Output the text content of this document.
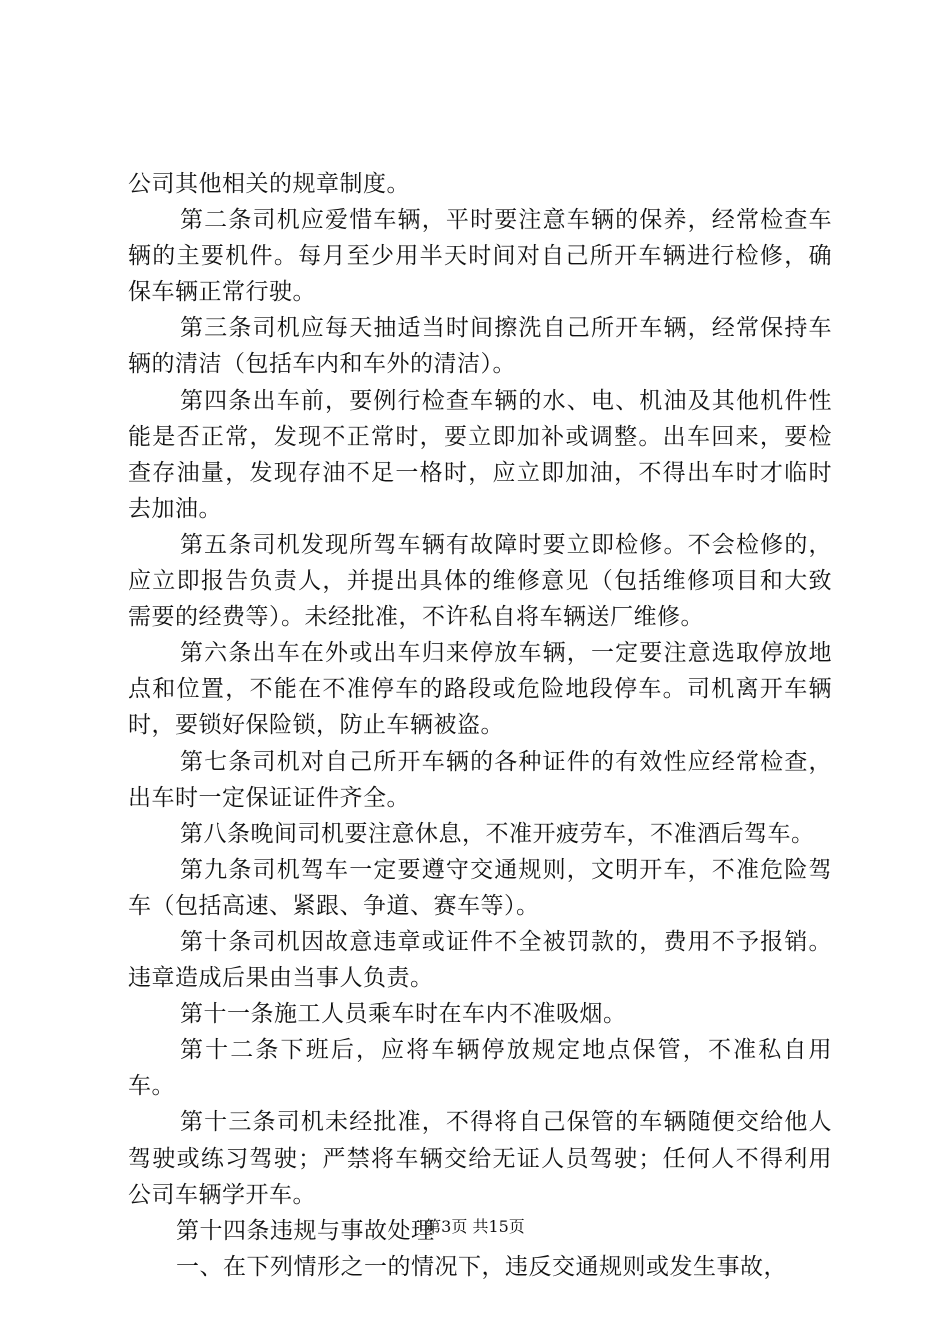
公司其他相关的规章制度。

第二条司机应爱惜车辆，平时要注意车辆的保养，经常检查车辆的主要机件。每月至少用半天时间对自己所开车辆进行检修，确保车辆正常行驶。

第三条司机应每天抽适当时间擦洗自己所开车辆，经常保持车辆的清洁（包括车内和车外的清洁）。

第四条出车前，要例行检查车辆的水、电、机油及其他机件性能是否正常，发现不正常时，要立即加补或调整。出车回来，要检查存油量，发现存油不足一格时，应立即加油，不得出车时才临时去加油。

第五条司机发现所驾车辆有故障时要立即检修。不会检修的，应立即报告负责人，并提出具体的维修意见（包括维修项目和大致需要的经费等）。未经批准，不许私自将车辆送厂维修。

第六条出车在外或出车归来停放车辆，一定要注意选取停放地点和位置，不能在不准停车的路段或危险地段停车。司机离开车辆时，要锁好保险锁，防止车辆被盗。

第七条司机对自己所开车辆的各种证件的有效性应经常检查，出车时一定保证证件齐全。

第八条晚间司机要注意休息，不准开疲劳车，不准酒后驾车。

第九条司机驾车一定要遵守交通规则，文明开车，不准危险驾车（包括高速、紧跟、争道、赛车等）。

第十条司机因故意违章或证件不全被罚款的，费用不予报销。违章造成后果由当事人负责。

第十一条施工人员乘车时在车内不准吸烟。

第十二条下班后，应将车辆停放规定地点保管，不准私自用车。

第十三条司机未经批准，不得将自己保管的车辆随便交给他人驾驶或练习驾驶；严禁将车辆交给无证人员驾驶；任何人不得利用公司车辆学开车。

第十四条违规与事故处理

一、在下列情形之一的情况下，违反交通规则或发生事故，

第3页 共15页
